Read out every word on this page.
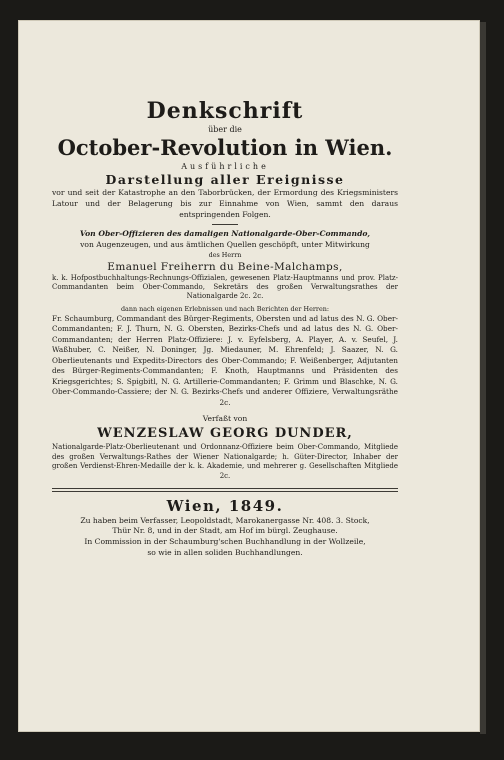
Denkschrift
über die
October-Revolution in Wien.
Ausführliche
Darstellung aller Ereignisse
vor und seit der Katastrophe an den Taborbrücken, der Ermordung des Kriegsministers Latour und der Belagerung bis zur Einnahme von Wien, sammt den daraus entspringenden Folgen.
Von Ober-Offizieren des damaligen Nationalgarde-Ober-Commando,
von Augenzeugen, und aus ämtlichen Quellen geschöpft, unter Mitwirkung
des Herrn
Emanuel Freiherrn du Beine-Malchamps,
k. k. Hofpostbuchhaltungs-Rechnungs-Offizialen, gewesenen Platz-Hauptmanns und prov. Platz-Commandanten beim Ober-Commando, Sekretärs des großen Verwaltungsrathes der Nationalgarde 2c. 2c.
dann nach eigenen Erlebnissen und nach Berichten der Herren:
Fr. Schaumburg, Commandant des Bürger-Regiments, Obersten und ad latus des N. G. Ober-Commandanten; F. J. Thurn, N. G. Obersten, Bezirks-Chefs und ad latus des N. G. Ober-Commandanten; der Herren Platz-Offiziere: J. v. Eyfelsberg, A. Player, A. v. Seufel, J. Waßhuber, C. Neißer, N. Doninger, Jg. Miedauner, M. Ehrenfeld; J. Saazer, N. G. Oberlieutenants und Expedits-Directors des Ober-Commando; F. Weißenberger, Adjutanten des Bürger-Regiments-Commandanten; F. Knoth, Hauptmanns und Präsidenten des Kriegsgerichtes; S. Spigbitl, N. G. Artillerie-Commandanten; F. Grimm und Blaschke, N. G. Ober-Commando-Cassiere; der N. G. Bezirks-Chefs und anderer Offiziere, Verwaltungsräthe 2c.
Verfaßt von
WENZESLAW GEORG DUNDER,
Nationalgarde-Platz-Oberlieutenant und Ordonnanz-Offiziere beim Ober-Commando, Mitgliede des großen Verwaltungs-Rathes der Wiener Nationalgarde; h. Güter-Director, Inhaber der großen Verdienst-Ehren-Medaille der k. k. Akademie, und mehrerer g. Gesellschaften Mitgliede 2c.
Wien, 1849.
Zu haben beim Verfasser, Leopoldstadt, Marokanergasse Nr. 408. 3. Stock,
Thür Nr. 8, und in der Stadt, am Hof im bürgl. Zeughause.
In Commission in der Schaumburg'schen Buchhandlung in der Wollzeile,
so wie in allen soliden Buchhandlungen.
